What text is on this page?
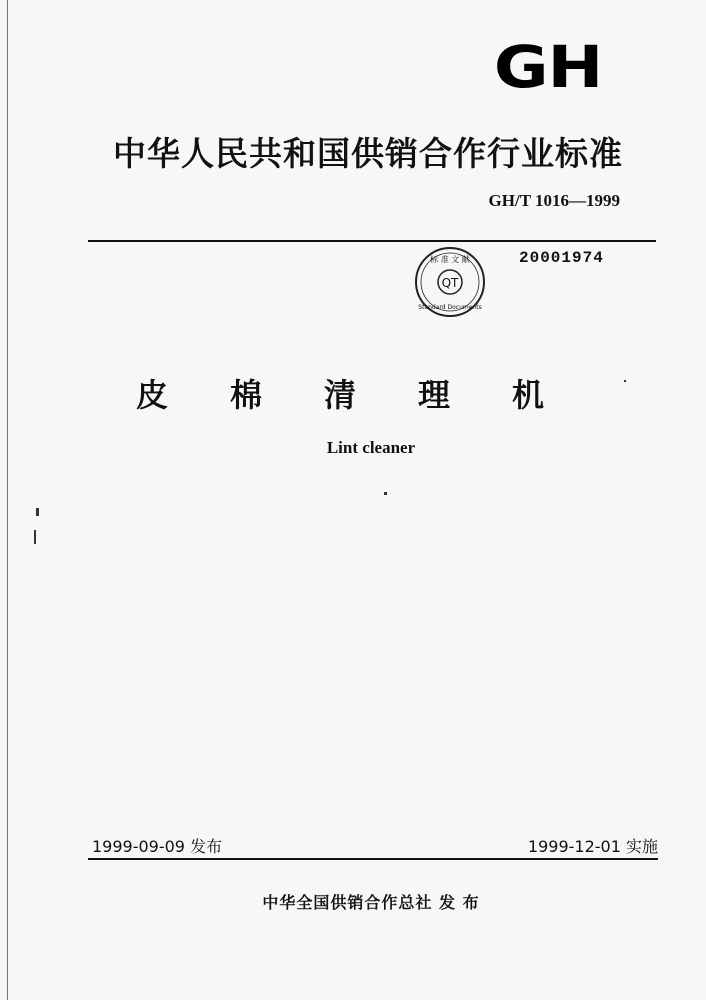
GH
中华人民共和国供销合作行业标准
GH/T 1016—1999
QT
标 准 文 献
Standard Documents
20001974
皮棉清理机
Lint cleaner
1999-09-09 发布	1999-12-01 实施
中华全国供销合作总社 发 布
